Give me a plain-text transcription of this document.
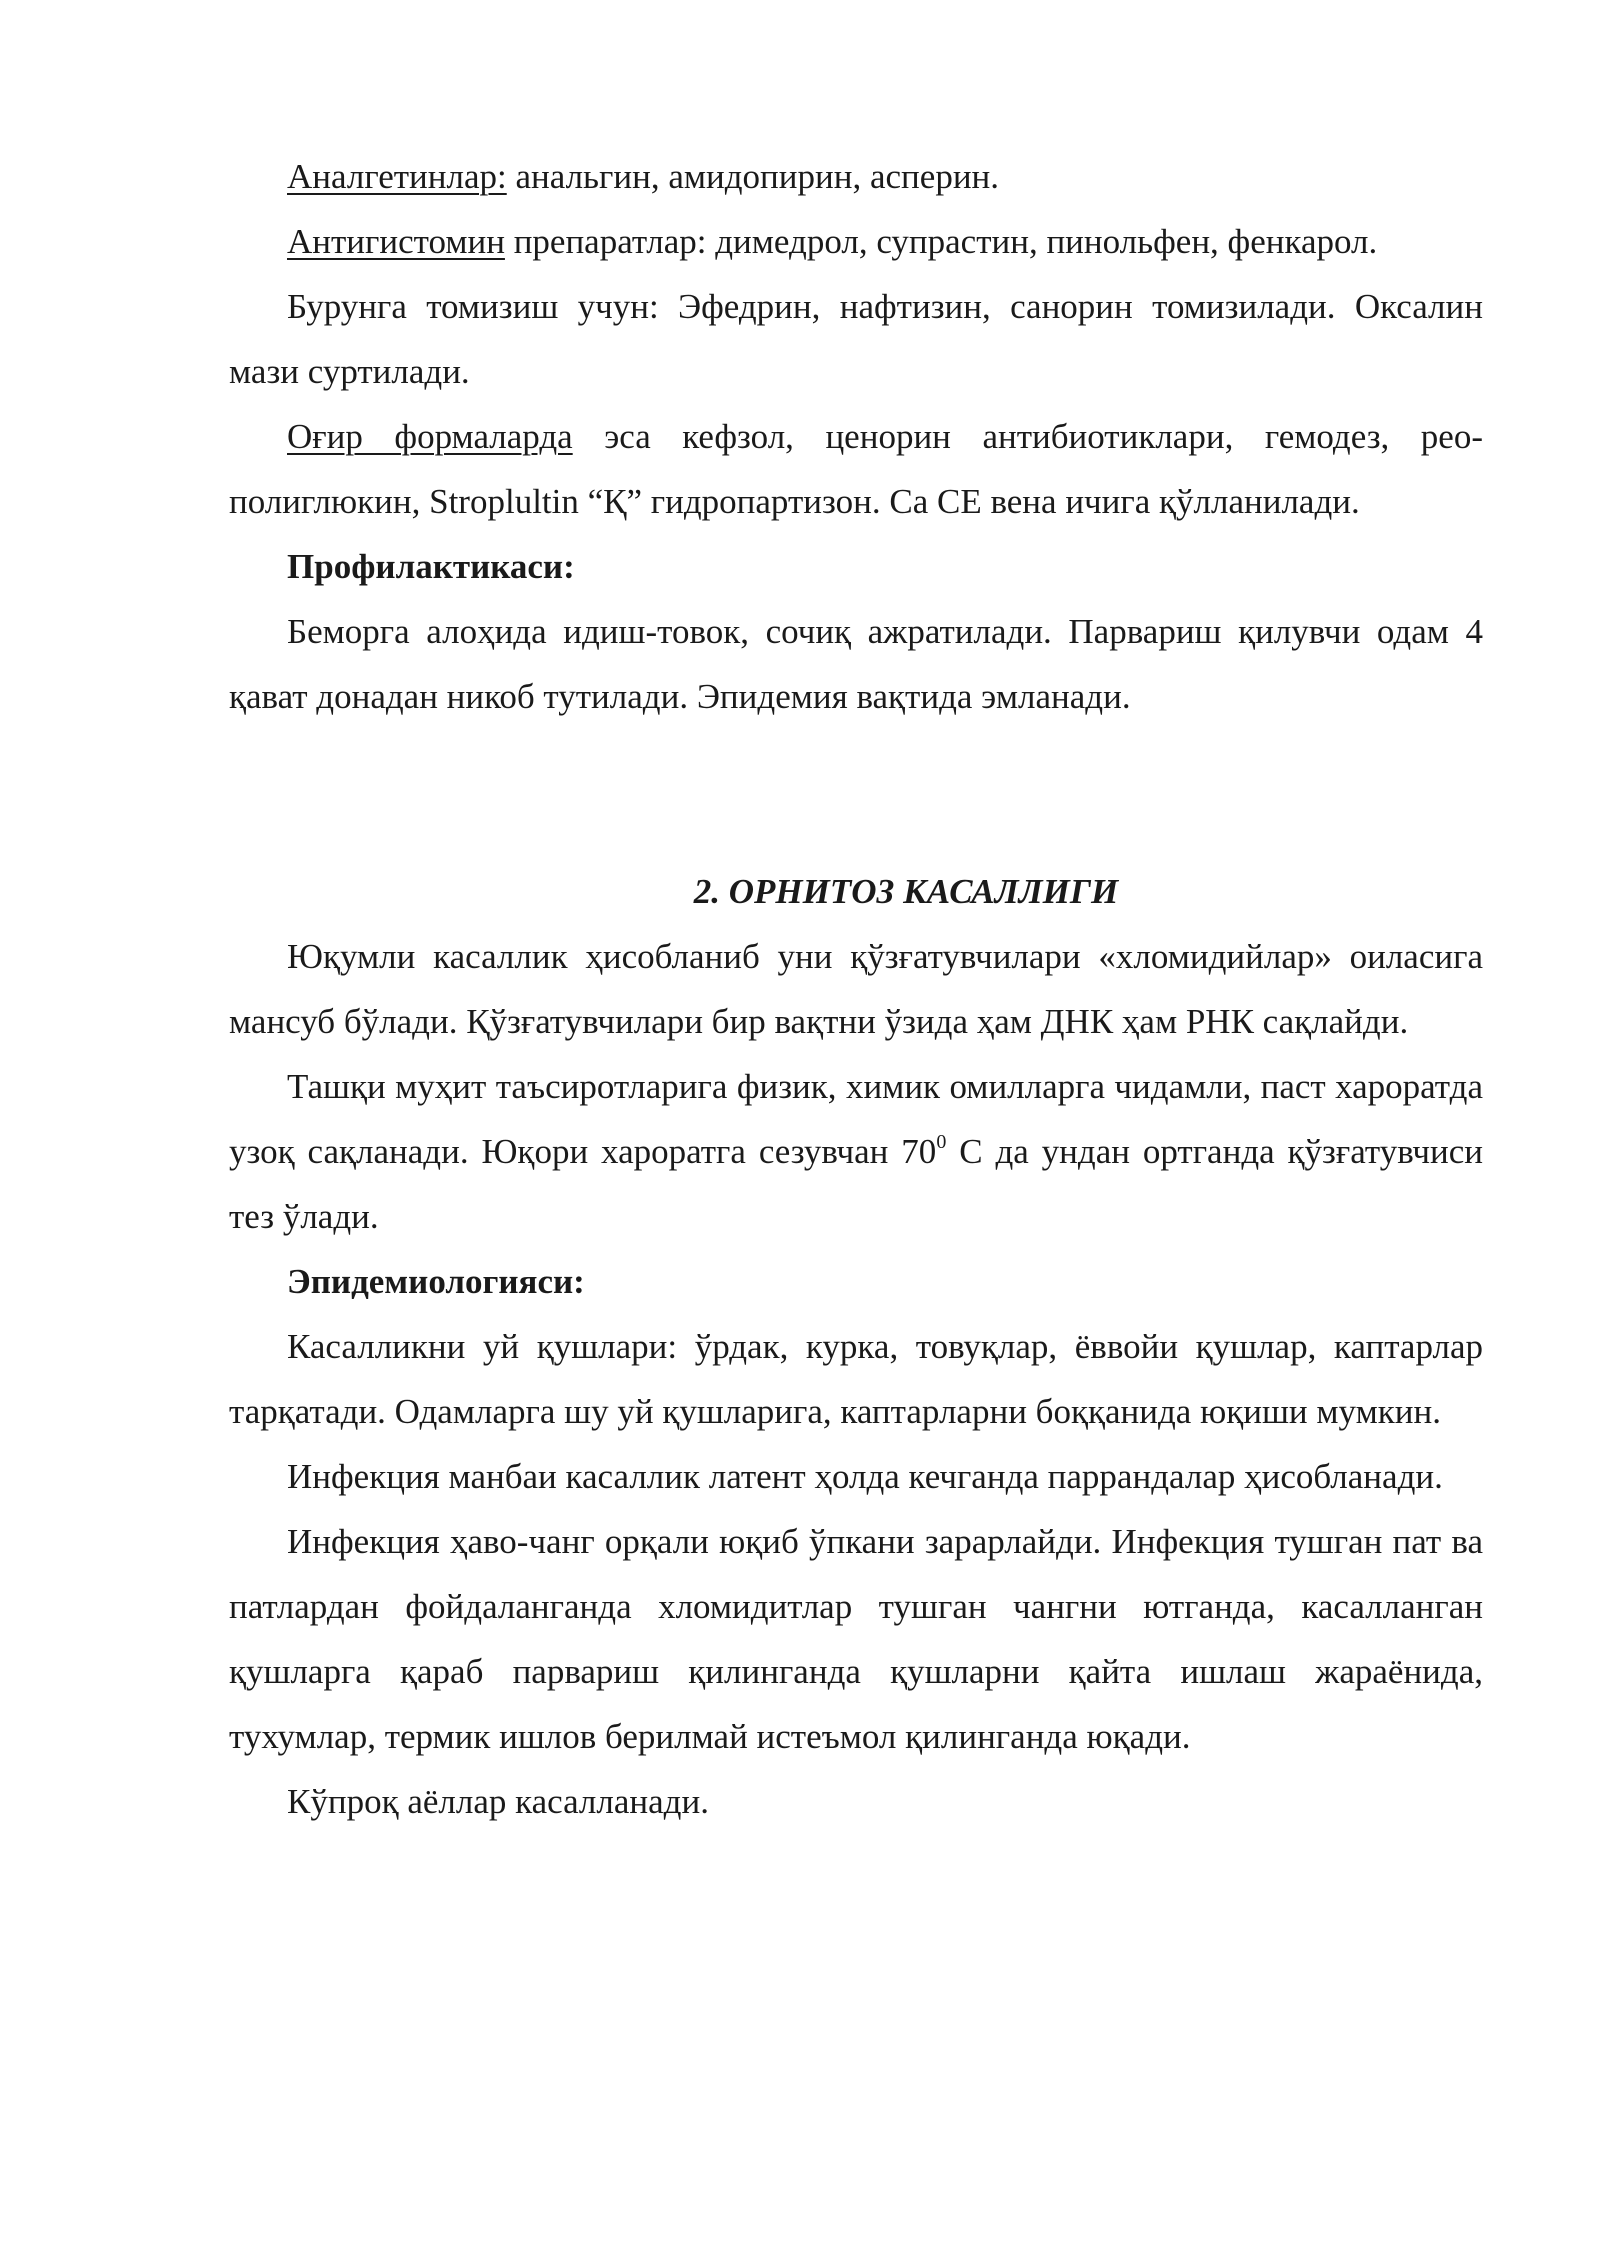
Аналгетинлар: анальгин, амидопирин, асперин.

Антигистомин препаратлар: димедрол, супрастин, пинольфен, фенкарол.

Бурунга томизиш учун: Эфедрин, нафтизин, санорин томизилади. Оксалин мази суртилади.

Оғир формаларда эса кефзол, ценорин антибиотиклари, гемодез, рео-полиглюкин, Stroplultin “Қ” гидропартизон. Са СЕ вена ичига қўлланилади.

Профилактикаси:

Беморга алоҳида идиш-товок, сочиқ ажратилади. Парвариш қилувчи одам 4 қават донадан никоб тутилади. Эпидемия вақтида эмланади.

2. ОРНИТОЗ КАСАЛЛИГИ

Юқумли касаллик ҳисобланиб уни қўзғатувчилари «хломидийлар» оиласига мансуб бўлади. Қўзғатувчилари бир вақтни ўзида ҳам ДНК ҳам РНК сақлайди.

Ташқи муҳит таъсиротларига физик, химик омилларга чидамли, паст хароратда узоқ сақланади. Юқори хароратга сезувчан $70^0$ С да ундан ортганда қўзғатувчиси тез ўлади.

Эпидемиологияси:

Касалликни уй қушлари: ўрдак, курка, товуқлар, ёввойи қушлар, каптарлар тарқатади. Одамларга шу уй қушларига, каптарларни боққанида юқиши мумкин.

Инфекция манбаи касаллик латент ҳолда кечганда паррандалар ҳисобланади.

Инфекция ҳаво-чанг орқали юқиб ўпкани зарарлайди. Инфекция тушган пат ва патлардан фойдаланганда хломидитлар тушган чангни ютганда, касалланган қушларга қараб парвариш қилинганда қушларни қайта ишлаш жараёнида, тухумлар, термик ишлов берилмай истеъмол қилинганда юқади.

Кўпроқ аёллар касалланади.
